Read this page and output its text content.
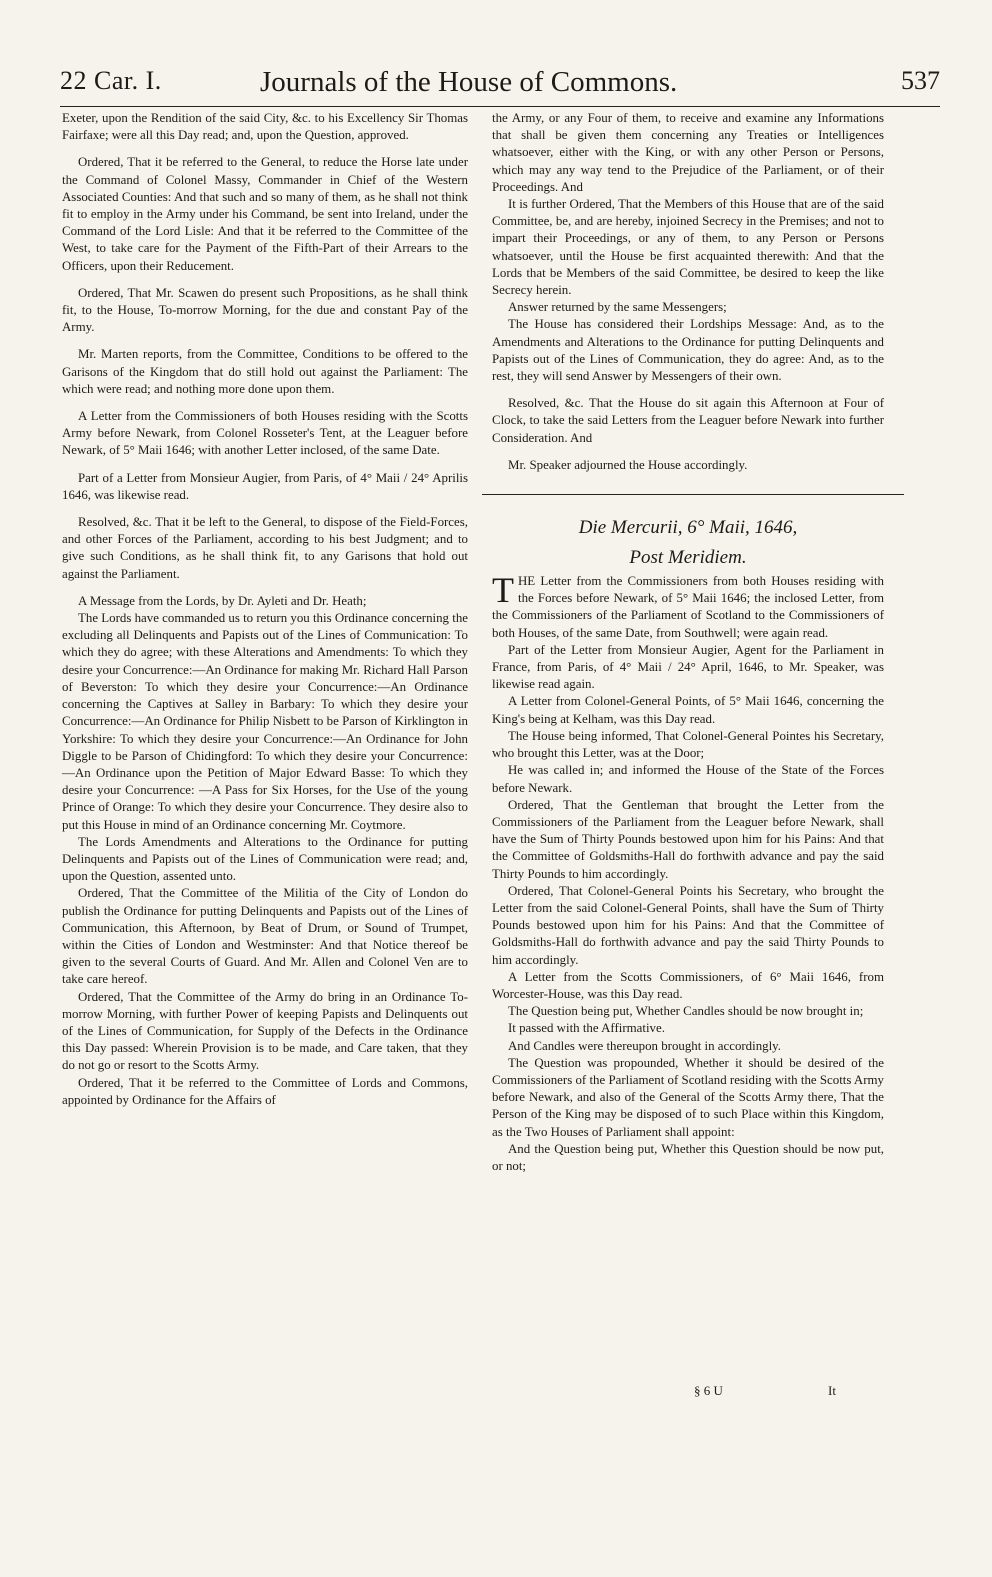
22 Car. I.	Journals of the House of Commons.	537

Exeter, upon the Rendition of the said City, &c. to his Excellency Sir Thomas Fairfaxe; were all this Day read; and, upon the Question, approved.

Ordered, That it be referred to the General, to reduce the Horse late under the Command of Colonel Massy, Commander in Chief of the Western Associated Counties: And that such and so many of them, as he shall not think fit to employ in the Army under his Command, be sent into Ireland, under the Command of the Lord Lisle: And that it be referred to the Committee of the West, to take care for the Payment of the Fifth-Part of their Arrears to the Officers, upon their Reducement.

Ordered, That Mr. Scawen do present such Propositions, as he shall think fit, to the House, To-morrow Morning, for the due and constant Pay of the Army.

Mr. Marten reports, from the Committee, Conditions to be offered to the Garisons of the Kingdom that do still hold out against the Parliament: The which were read; and nothing more done upon them.

A Letter from the Commissioners of both Houses residing with the Scotts Army before Newark, from Colonel Rosseter's Tent, at the Leaguer before Newark, of 5° Maii 1646; with another Letter inclosed, of the same Date.

Part of a Letter from Monsieur Augier, from Paris, of 4° Maii / 24° Aprilis 1646, was likewise read.

Resolved, &c. That it be left to the General, to dispose of the Field-Forces, and other Forces of the Parliament, according to his best Judgment; and to give such Conditions, as he shall think fit, to any Garisons that hold out against the Parliament.

A Message from the Lords, by Dr. Ayleti and Dr. Heath;

The Lords have commanded us to return you this Ordinance concerning the excluding all Delinquents and Papists out of the Lines of Communication: To which they do agree; with these Alterations and Amendments: To which they desire your Concurrence:—An Ordinance for making Mr. Richard Hall Parson of Beverston: To which they desire your Concurrence:—An Ordinance concerning the Captives at Salley in Barbary: To which they desire your Concurrence:—An Ordinance for Philip Nisbett to be Parson of Kirklington in Yorkshire: To which they desire your Concurrence:—An Ordinance for John Diggle to be Parson of Chidingford: To which they desire your Concurrence:—An Ordinance upon the Petition of Major Edward Basse: To which they desire your Concurrence: —A Pass for Six Horses, for the Use of the young Prince of Orange: To which they desire your Concurrence. They desire also to put this House in mind of an Ordinance concerning Mr. Coytmore.

The Lords Amendments and Alterations to the Ordinance for putting Delinquents and Papists out of the Lines of Communication were read; and, upon the Question, assented unto.

Ordered, That the Committee of the Militia of the City of London do publish the Ordinance for putting Delinquents and Papists out of the Lines of Communication, this Afternoon, by Beat of Drum, or Sound of Trumpet, within the Cities of London and Westminster: And that Notice thereof be given to the several Courts of Guard. And Mr. Allen and Colonel Ven are to take care hereof.

Ordered, That the Committee of the Army do bring in an Ordinance To-morrow Morning, with further Power of keeping Papists and Delinquents out of the Lines of Communication, for Supply of the Defects in the Ordinance this Day passed: Wherein Provision is to be made, and Care taken, that they do not go or resort to the Scotts Army.

Ordered, That it be referred to the Committee of Lords and Commons, appointed by Ordinance for the Affairs of

the Army, or any Four of them, to receive and examine any Informations that shall be given them concerning any Treaties or Intelligences whatsoever, either with the King, or with any other Person or Persons, which may any way tend to the Prejudice of the Parliament, or of their Proceedings. And

It is further Ordered, That the Members of this House that are of the said Committee, be, and are hereby, injoined Secrecy in the Premises; and not to impart their Proceedings, or any of them, to any Person or Persons whatsoever, until the House be first acquainted therewith: And that the Lords that be Members of the said Committee, be desired to keep the like Secrecy herein.

Answer returned by the same Messengers;

The House has considered their Lordships Message: And, as to the Amendments and Alterations to the Ordinance for putting Delinquents and Papists out of the Lines of Communication, they do agree: And, as to the rest, they will send Answer by Messengers of their own.

Resolved, &c. That the House do sit again this Afternoon at Four of Clock, to take the said Letters from the Leaguer before Newark into further Consideration. And

Mr. Speaker adjourned the House accordingly.

Die Mercurii, 6° Maii, 1646,
Post Meridiem.

THE Letter from the Commissioners from both Houses residing with the Forces before Newark, of 5° Maii 1646; the inclosed Letter, from the Commissioners of the Parliament of Scotland to the Commissioners of both Houses, of the same Date, from Southwell; were again read.

Part of the Letter from Monsieur Augier, Agent for the Parliament in France, from Paris, of 4° Maii / 24° April, 1646, to Mr. Speaker, was likewise read again.

A Letter from Colonel-General Points, of 5° Maii 1646, concerning the King's being at Kelham, was this Day read.

The House being informed, That Colonel-General Pointes his Secretary, who brought this Letter, was at the Door;

He was called in; and informed the House of the State of the Forces before Newark.

Ordered, That the Gentleman that brought the Letter from the Commissioners of the Parliament from the Leaguer before Newark, shall have the Sum of Thirty Pounds bestowed upon him for his Pains: And that the Committee of Goldsmiths-Hall do forthwith advance and pay the said Thirty Pounds to him accordingly.

Ordered, That Colonel-General Points his Secretary, who brought the Letter from the said Colonel-General Points, shall have the Sum of Thirty Pounds bestowed upon him for his Pains: And that the Committee of Goldsmiths-Hall do forthwith advance and pay the said Thirty Pounds to him accordingly.

A Letter from the Scotts Commissioners, of 6° Maii 1646, from Worcester-House, was this Day read.

The Question being put, Whether Candles should be now brought in;

It passed with the Affirmative.

And Candles were thereupon brought in accordingly.

The Question was propounded, Whether it should be desired of the Commissioners of the Parliament of Scotland residing with the Scotts Army before Newark, and also of the General of the Scotts Army there, That the Person of the King may be disposed of to such Place within this Kingdom, as the Two Houses of Parliament shall appoint:

And the Question being put, Whether this Question should be now put, or not;

§ 6 U	It
